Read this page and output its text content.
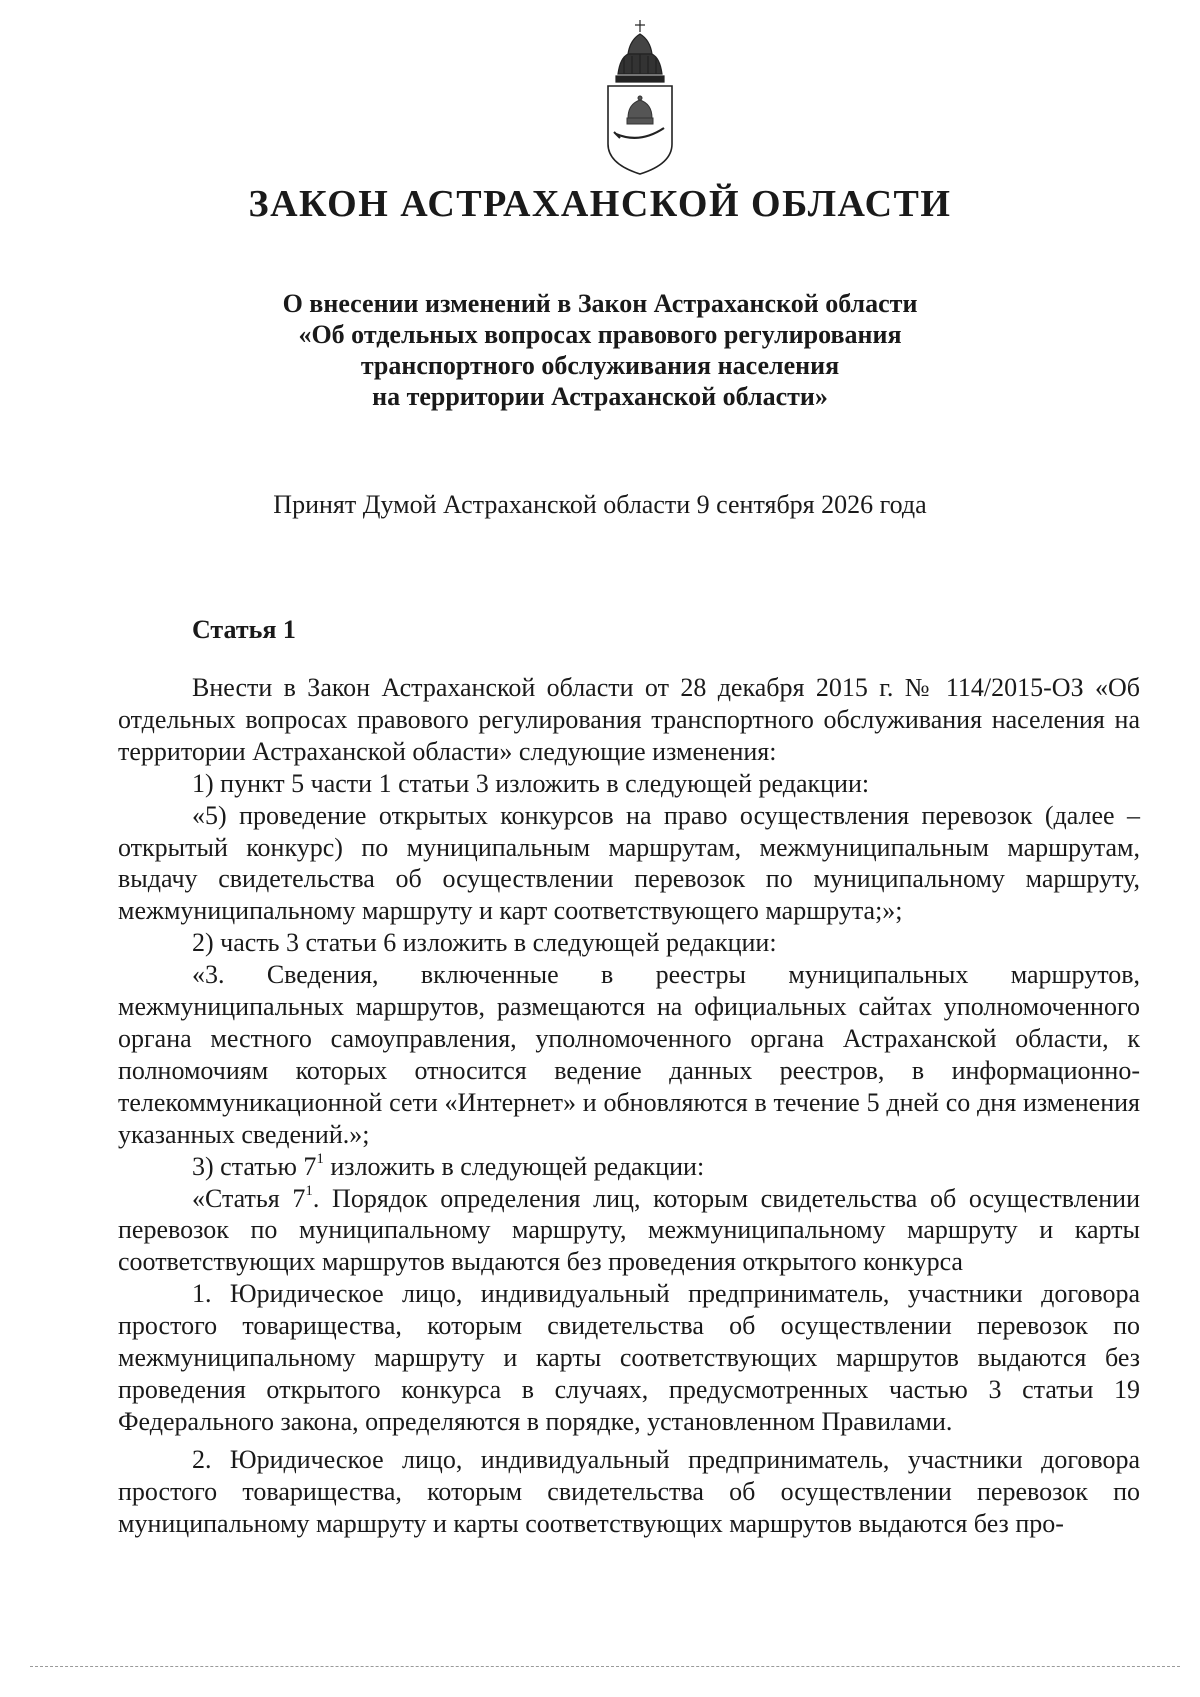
ЗАКОН АСТРАХАНСКОЙ ОБЛАСТИ
О внесении изменений в Закон Астраханской области
«Об отдельных вопросах правового регулирования
транспортного обслуживания населения
на территории Астраханской области»
Принят Думой Астраханской области 9 сентября 2026 года
Статья 1

Внести в Закон Астраханской области от 28 декабря 2015 г. № 114/2015-ОЗ «Об отдельных вопросах правового регулирования транспортного обслуживания населения на территории Астраханской области» следующие изменения:

1) пункт 5 части 1 статьи 3 изложить в следующей редакции:

«5) проведение открытых конкурсов на право осуществления перевозок (далее – открытый конкурс) по муниципальным маршрутам, межмуниципальным маршрутам, выдачу свидетельства об осуществлении перевозок по муниципальному маршруту, межмуниципальному маршруту и карт соответствующего маршрута;»;

2) часть 3 статьи 6 изложить в следующей редакции:

«3. Сведения, включенные в реестры муниципальных маршрутов, межмуниципальных маршрутов, размещаются на официальных сайтах уполномоченного органа местного самоуправления, уполномоченного органа Астраханской области, к полномочиям которых относится ведение данных реестров, в информационно-телекоммуникационной сети «Интернет» и обновляются в течение 5 дней со дня изменения указанных сведений.»;

3) статью $7^1$ изложить в следующей редакции:

«Статья $7^1$. Порядок определения лиц, которым свидетельства об осуществлении перевозок по муниципальному маршруту, межмуниципальному маршруту и карты соответствующих маршрутов выдаются без проведения открытого конкурса

1. Юридическое лицо, индивидуальный предприниматель, участники договора простого товарищества, которым свидетельства об осуществлении перевозок по межмуниципальному маршруту и карты соответствующих маршрутов выдаются без проведения открытого конкурса в случаях, предусмотренных частью 3 статьи 19 Федерального закона, определяются в порядке, установленном Правилами.

2. Юридическое лицо, индивидуальный предприниматель, участники договора простого товарищества, которым свидетельства об осуществлении перевозок по муниципальному маршруту и карты соответствующих маршрутов выдаются без про-
